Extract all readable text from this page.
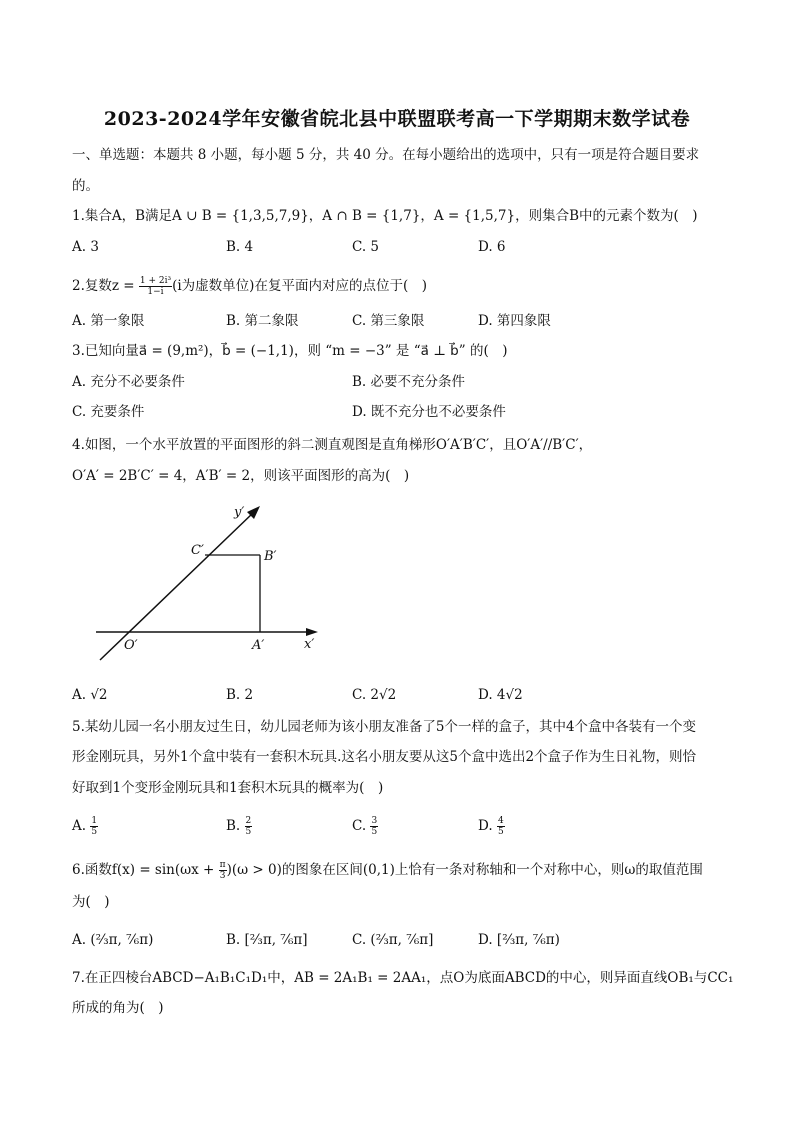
2023-2024学年安徽省皖北县中联盟联考高一下学期期末数学试卷
一、单选题：本题共 8 小题，每小题 5 分，共 40 分。在每小题给出的选项中，只有一项是符合题目要求
的。
1.集合A，B满足A ∪ B = {1,3,5,7,9}，A ∩ B = {1,7}，A = {1,5,7}，则集合B中的元素个数为(　)
A. 3	B. 4	C. 5	D. 6
2.复数$z = \frac{\text{1 + 2i³}}{1-i} (i$为虚数单位)在复平面内对应的点位于(　)
A. 第一象限	B. 第二象限	C. 第三象限	D. 第四象限
3.已知向量a⃗ = (9,m²)，b⃗ = (−1,1)，则 “m = −3” 是 “a⃗ ⊥ b⃗” 的(　)
A. 充分不必要条件	B. 必要不充分条件
C. 充要条件	D. 既不充分也不必要条件
4.如图，一个水平放置的平面图形的斜二测直观图是直角梯形O′A′B′C′，且O′A′//B′C′，
O′A′ = 2B′C′ = 4，A′B′ = 2，则该平面图形的高为(　)
y′
x′
O′	A′
B′
C′
A. √2	B. 2	C. 2√2	D. 4√2
5.某幼儿园一名小朋友过生日，幼儿园老师为该小朋友准备了5个一样的盒子，其中4个盒中各装有一个变
形金刚玩具，另外1个盒中装有一套积木玩具.这名小朋友要从这5个盒中选出2个盒子作为生日礼物，则恰
好取到1个变形金刚玩具和1套积木玩具的概率为(　)
A. $\frac{1}{5}$	B. $\frac{2}{5}$	C. $\frac{3}{5}$	D. $\frac{4}{5}$
6.函数$f(x) = \sin(\omega x + \frac{\pi}{3} )(\omega > 0)$的图象在区间(0,1)上恰有一条对称轴和一个对称中心，则ω的取值范围
为(　)
A. (²⁄₃π, ⁷⁄₆π)	B. [²⁄₃π, ⁷⁄₆π]	C. (²⁄₃π, ⁷⁄₆π]	D. [²⁄₃π, ⁷⁄₆π)
7.在正四棱台ABCD−A₁B₁C₁D₁中，AB = 2A₁B₁ = 2AA₁，点O为底面ABCD的中心，则异面直线OB₁与CC₁
所成的角为(　)
